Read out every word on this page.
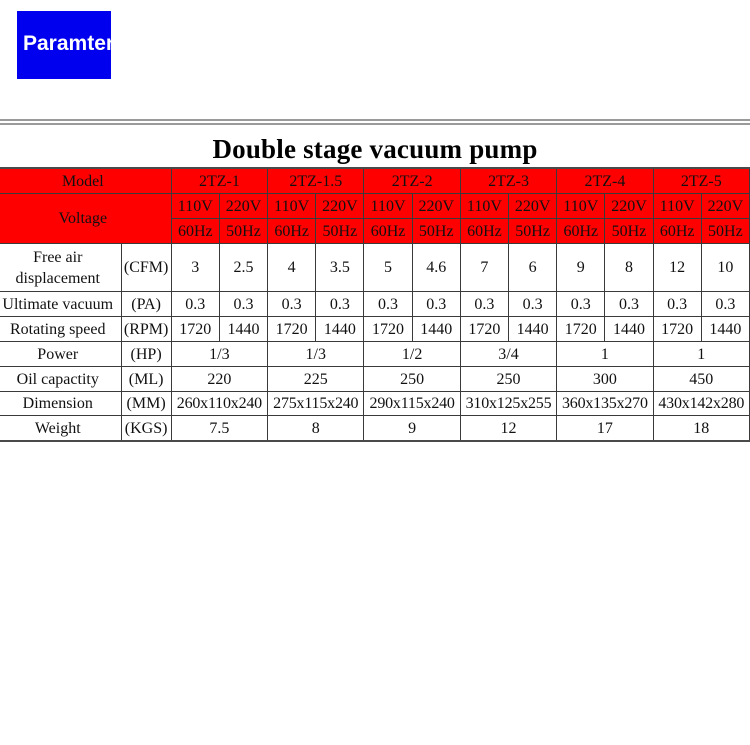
Paramter
Double stage vacuum pump
Model		2TZ-1		2TZ-1.5		2TZ-2		2TZ-3		2TZ-4		2TZ-5	
Voltage		110V	220V	110V	220V	110V	220V	110V	220V	110V	220V	110V	220V
		60Hz	50Hz	60Hz	50Hz	60Hz	50Hz	60Hz	50Hz	60Hz	50Hz	60Hz	50Hz
Free air displacement	(CFM)	3	2.5	4	3.5	5	4.6	7	6	9	8	12	10
Ultimate vacuum	(PA)	0.3	0.3	0.3	0.3	0.3	0.3	0.3	0.3	0.3	0.3	0.3	0.3
Rotating speed	(RPM)	1720	1440	1720	1440	1720	1440	1720	1440	1720	1440	1720	1440
Power	(HP)	1/3		1/3		1/2		3/4		1		1	
Oil capactity	(ML)	220		225		250		250		300		450	
Dimension	(MM)	260x110x240		275x115x240		290x115x240		310x125x255		360x135x270		430x142x280	
Weight	(KGS)	7.5		8		9		12		17		18	
